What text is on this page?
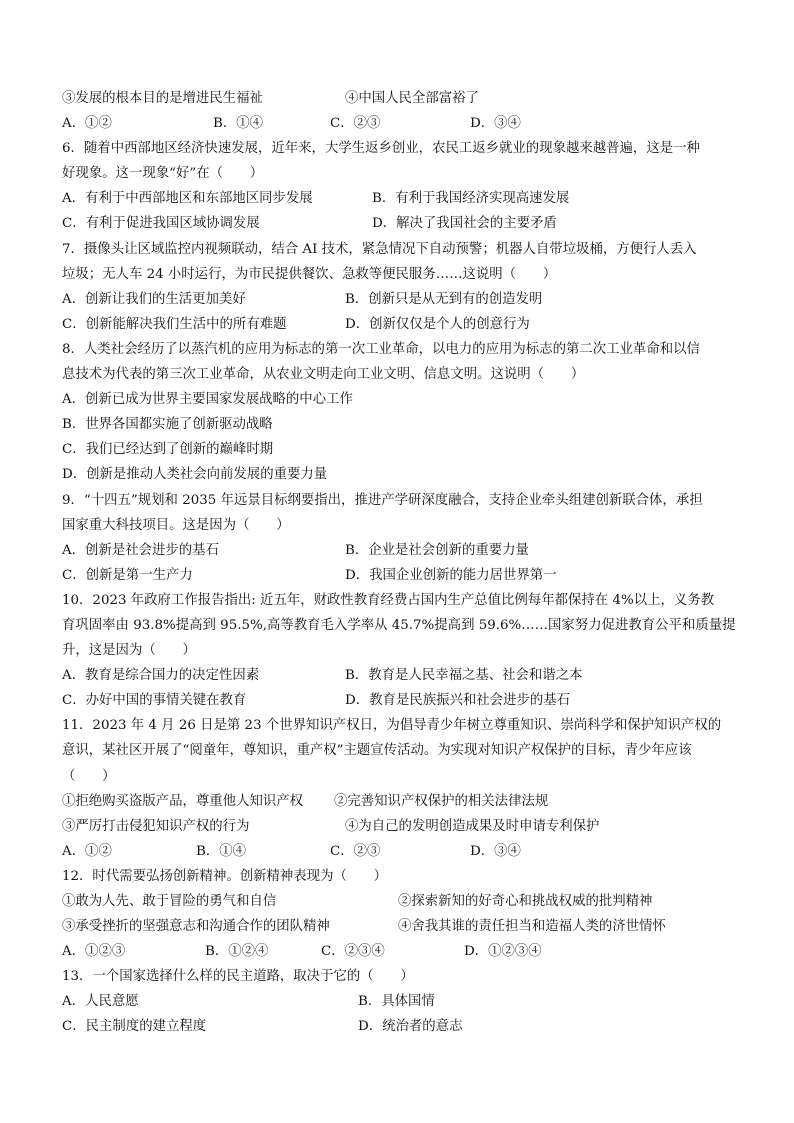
③发展的根本目的是增进民生福祉	④中国人民全部富裕了
A．①②	B．①④	C．②③	D．③④
6．随着中西部地区经济快速发展，近年来，大学生返乡创业，农民工返乡就业的现象越来越普遍，这是一种
好现象。这一现象“好”在（　　）
A．有利于中西部地区和东部地区同步发展	B．有利于我国经济实现高速发展
C．有利于促进我国区域协调发展	D．解决了我国社会的主要矛盾
7．摄像头让区域监控内视频联动，结合 AI 技术，紧急情况下自动预警；机器人自带垃圾桶，方便行人丢入
垃圾；无人车 24 小时运行，为市民提供餐饮、急救等便民服务……这说明（　　）
A．创新让我们的生活更加美好	B．创新只是从无到有的创造发明
C．创新能解决我们生活中的所有难题	D．创新仅仅是个人的创意行为
8．人类社会经历了以蒸汽机的应用为标志的第一次工业革命，以电力的应用为标志的第二次工业革命和以信
息技术为代表的第三次工业革命，从农业文明走向工业文明、信息文明。这说明（　　）
A．创新已成为世界主要国家发展战略的中心工作
B．世界各国都实施了创新驱动战略
C．我们已经达到了创新的巅峰时期
D．创新是推动人类社会向前发展的重要力量
9．“十四五”规划和 2035 年远景目标纲要指出，推进产学研深度融合，支持企业牵头组建创新联合体，承担
国家重大科技项目。这是因为（　　）
A．创新是社会进步的基石	B．企业是社会创新的重要力量
C．创新是第一生产力	D．我国企业创新的能力居世界第一
10．2023 年政府工作报告指出: 近五年，财政性教育经费占国内生产总值比例每年都保持在 4%以上，义务教
育巩固率由 93.8%提高到 95.5%,高等教育毛入学率从 45.7%提高到 59.6%……国家努力促进教育公平和质量提
升，这是因为（　　）
A．教育是综合国力的决定性因素	B．教育是人民幸福之基、社会和谐之本
C．办好中国的事情关键在教育	D．教育是民族振兴和社会进步的基石
11．2023 年 4 月 26 日是第 23 个世界知识产权日，为倡导青少年树立尊重知识、崇尚科学和保护知识产权的
意识，某社区开展了“阅童年，尊知识，重产权”主题宣传活动。为实现对知识产权保护的目标，青少年应该
（　　）
①拒绝购买盗版产品，尊重他人知识产权 ②完善知识产权保护的相关法律法规
③严厉打击侵犯知识产权的行为	④为自己的发明创造成果及时申请专利保护
A．①②	B．①④	C．②③	D．③④
12．时代需要弘扬创新精神。创新精神表现为（　　）
①敢为人先、敢于冒险的勇气和自信	②探索新知的好奇心和挑战权威的批判精神
③承受挫折的坚强意志和沟通合作的团队精神	④舍我其谁的责任担当和造福人类的济世情怀
A．①②③	B．①②④	C．②③④	D．①②③④
13．一个国家选择什么样的民主道路，取决于它的（　　）
A．人民意愿	B．具体国情
C．民主制度的建立程度	D．统治者的意志
